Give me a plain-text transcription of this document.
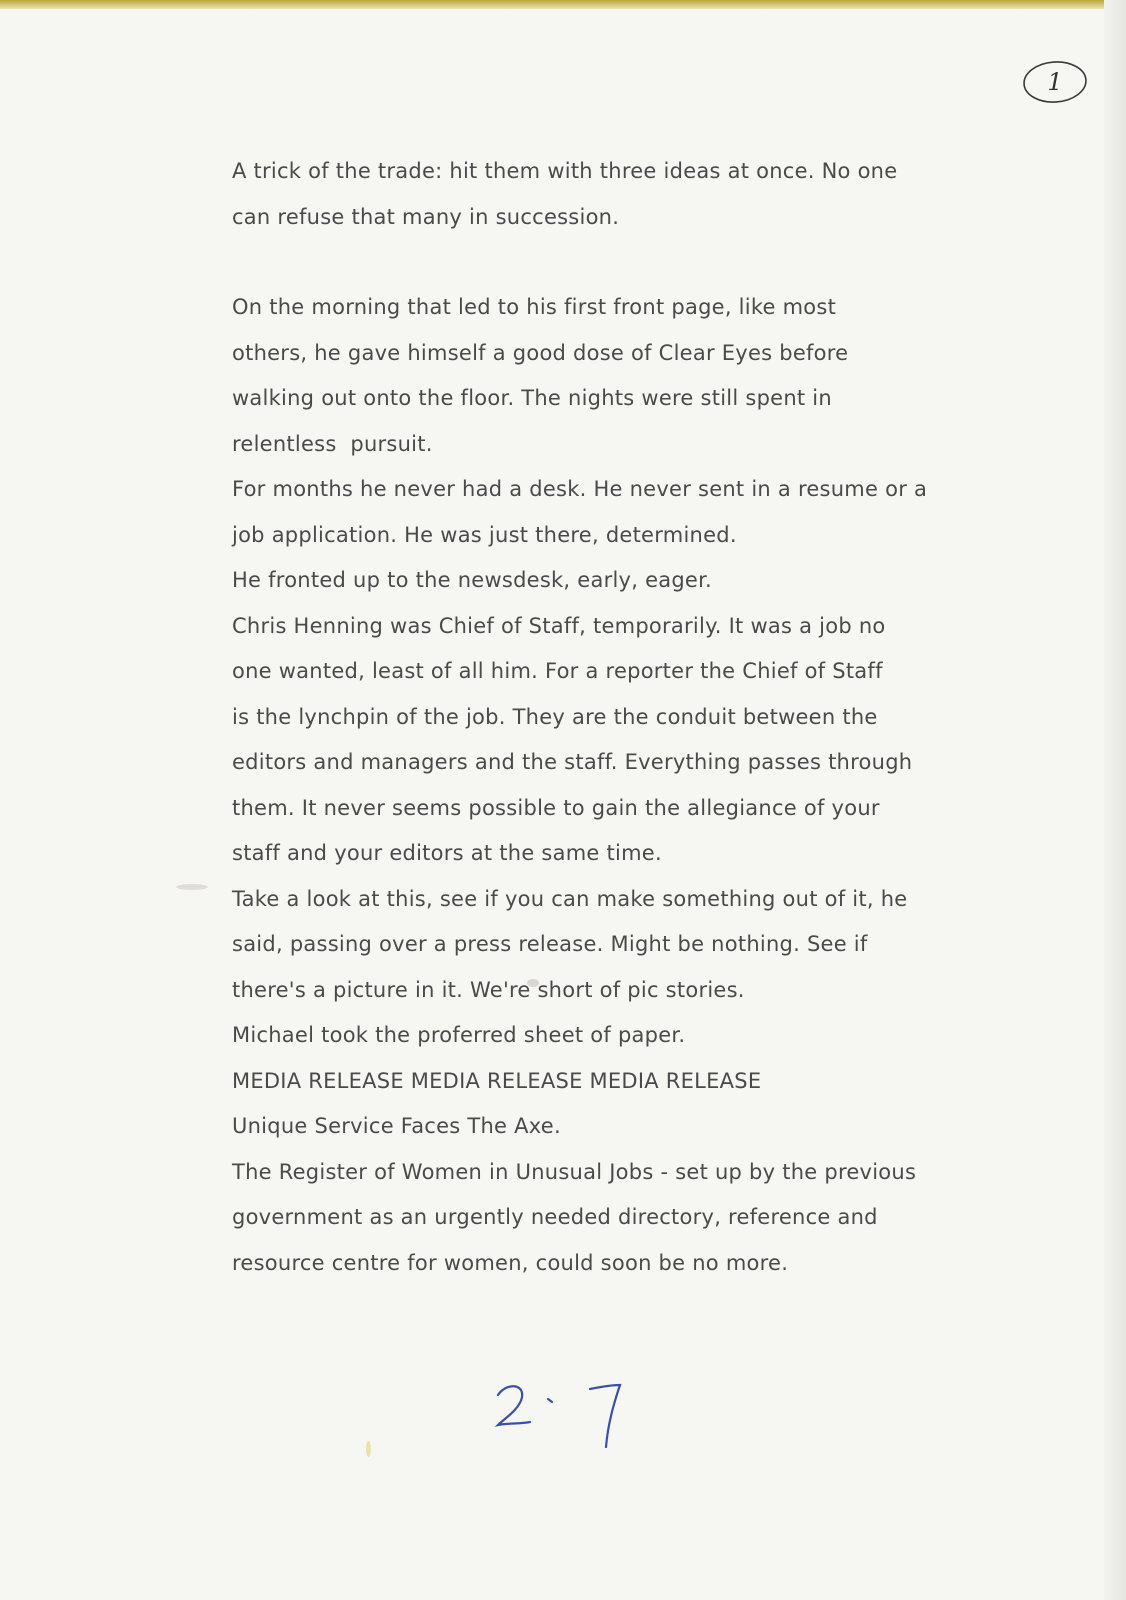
1

A trick of the trade: hit them with three ideas at once. No one

can refuse that many in succession.

On the morning that led to his first front page, like most

others, he gave himself a good dose of Clear Eyes before

walking out onto the floor. The nights were still spent in

relentless  pursuit.

For months he never had a desk. He never sent in a resume or a

job application. He was just there, determined.

He fronted up to the newsdesk, early, eager.

Chris Henning was Chief of Staff, temporarily. It was a job no

one wanted, least of all him. For a reporter the Chief of Staff

is the lynchpin of the job. They are the conduit between the

editors and managers and the staff. Everything passes through

them. It never seems possible to gain the allegiance of your

staff and your editors at the same time.

Take a look at this, see if you can make something out of it, he

said, passing over a press release. Might be nothing. See if

there's a picture in it. We're short of pic stories.

Michael took the proferred sheet of paper.

MEDIA RELEASE MEDIA RELEASE MEDIA RELEASE

Unique Service Faces The Axe.

The Register of Women in Unusual Jobs - set up by the previous

government as an urgently needed directory, reference and

resource centre for women, could soon be no more.
